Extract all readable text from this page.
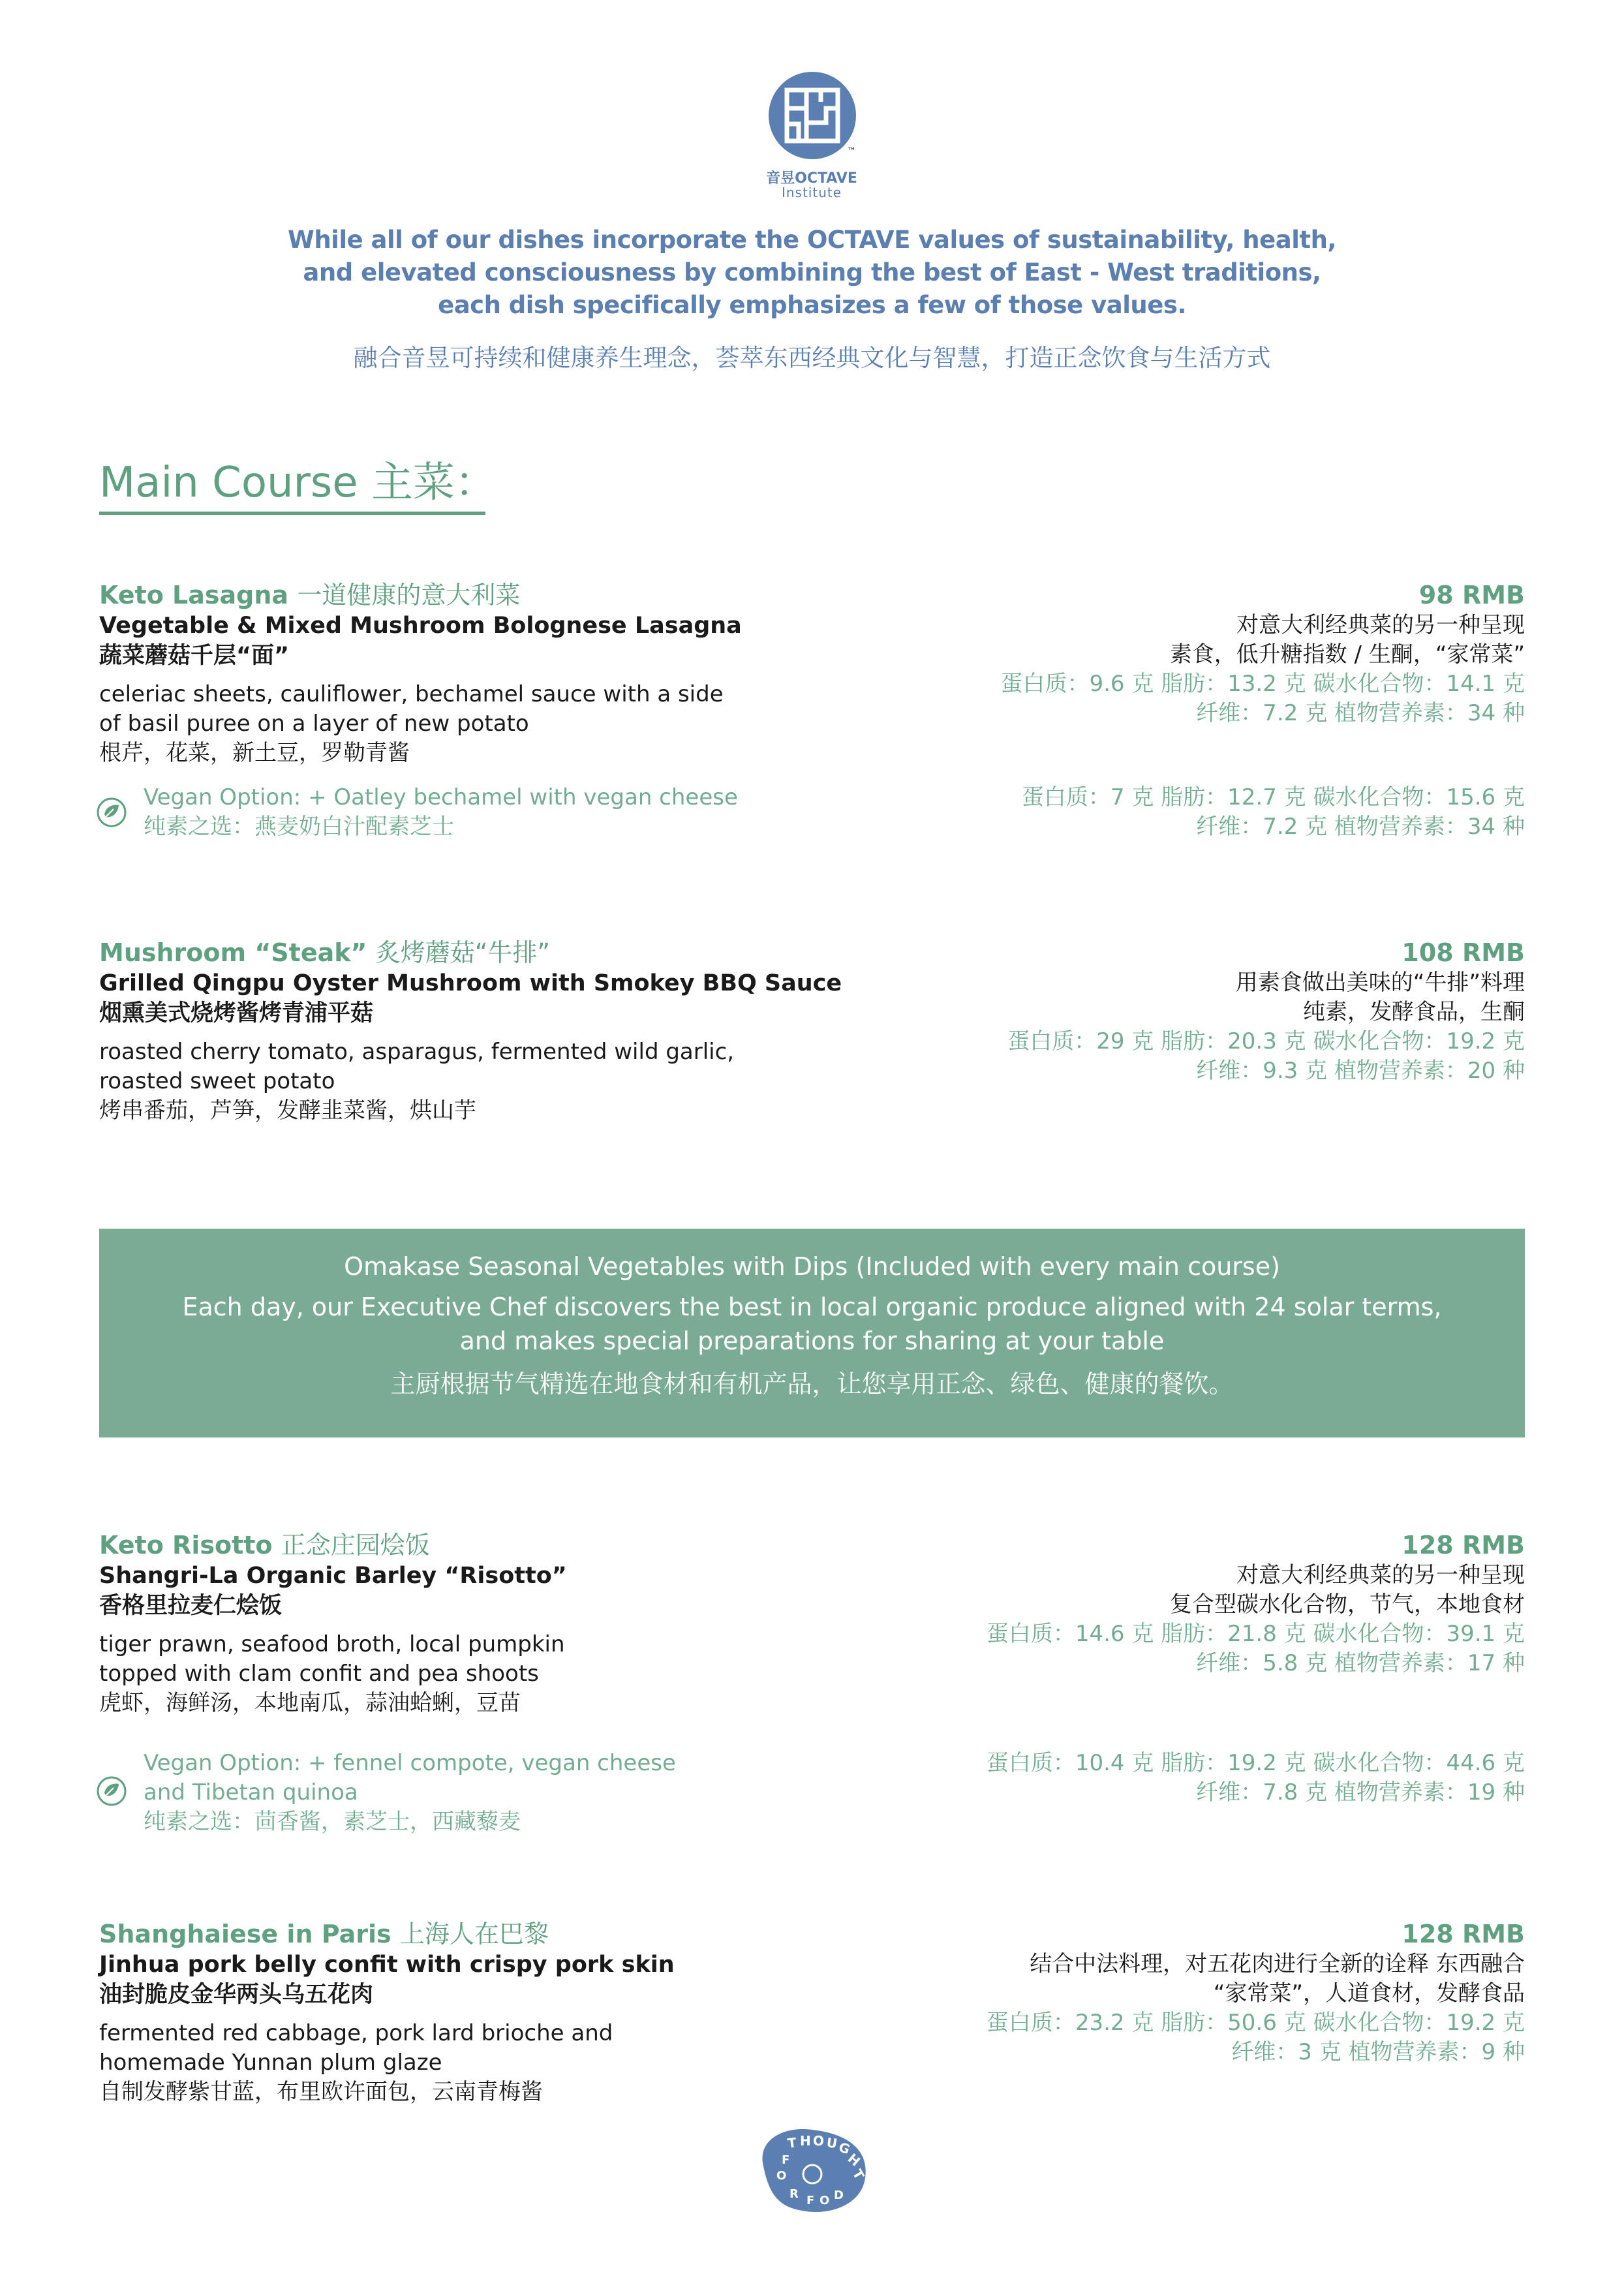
™
音昱OCTAVE
Institute
While all of our dishes incorporate the OCTAVE values of sustainability, health,
and elevated consciousness by combining the best of East - West traditions,
each dish specifically emphasizes a few of those values.
融合音昱可持续和健康养生理念，荟萃东西经典文化与智慧，打造正念饮食与生活方式
Main Course 主菜：
Keto Lasagna 一道健康的意大利菜
Vegetable & Mixed Mushroom Bolognese Lasagna
蔬菜蘑菇千层“面”
celeriac sheets, cauliflower, bechamel sauce with a side
of basil puree on a layer of new potato
根芹，花菜，新土豆，罗勒青酱
98 RMB
对意大利经典菜的另一种呈现
素食，低升糖指数 / 生酮，“家常菜”
蛋白质：9.6 克 脂肪：13.2 克 碳水化合物：14.1 克
纤维：7.2 克 植物营养素：34 种
Vegan Option: + Oatley bechamel with vegan cheese
纯素之选：燕麦奶白汁配素芝士
蛋白质：7 克 脂肪：12.7 克 碳水化合物：15.6 克
纤维：7.2 克 植物营养素：34 种
Mushroom “Steak” 炙烤蘑菇“牛排”
Grilled Qingpu Oyster Mushroom with Smokey BBQ Sauce
烟熏美式烧烤酱烤青浦平菇
roasted cherry tomato, asparagus, fermented wild garlic,
roasted sweet potato
烤串番茄，芦笋，发酵韭菜酱，烘山芋
108 RMB
用素食做出美味的“牛排”料理
纯素，发酵食品，生酮
蛋白质：29 克 脂肪：20.3 克 碳水化合物：19.2 克
纤维：9.3 克 植物营养素：20 种
Omakase Seasonal Vegetables with Dips (Included with every main course)
Each day, our Executive Chef discovers the best in local organic produce aligned with 24 solar terms,
and makes special preparations for sharing at your table
主厨根据节气精选在地食材和有机产品，让您享用正念、绿色、健康的餐饮。
Keto Risotto 正念庄园烩饭
Shangri-La Organic Barley “Risotto”
香格里拉麦仁烩饭
tiger prawn, seafood broth, local pumpkin
topped with clam confit and pea shoots
虎虾，海鲜汤，本地南瓜，蒜油蛤蜊，豆苗
128 RMB
对意大利经典菜的另一种呈现
复合型碳水化合物，节气，本地食材
蛋白质：14.6 克 脂肪：21.8 克 碳水化合物：39.1 克
纤维：5.8 克 植物营养素：17 种
Vegan Option: + fennel compote, vegan cheese
and Tibetan quinoa
纯素之选：茴香酱，素芝士，西藏藜麦
蛋白质：10.4 克 脂肪：19.2 克 碳水化合物：44.6 克
纤维：7.8 克 植物营养素：19 种
Shanghaiese in Paris 上海人在巴黎
Jinhua pork belly confit with crispy pork skin
油封脆皮金华两头乌五花肉
fermented red cabbage, pork lard brioche and
homemade Yunnan plum glaze
自制发酵紫甘蓝，布里欧许面包，云南青梅酱
128 RMB
结合中法料理，对五花肉进行全新的诠释 东西融合
“家常菜”，人道食材，发酵食品
蛋白质：23.2 克 脂肪：50.6 克 碳水化合物：19.2 克
纤维：3 克 植物营养素：9 种
T H O U
G
H
T
F
O
R F O D
